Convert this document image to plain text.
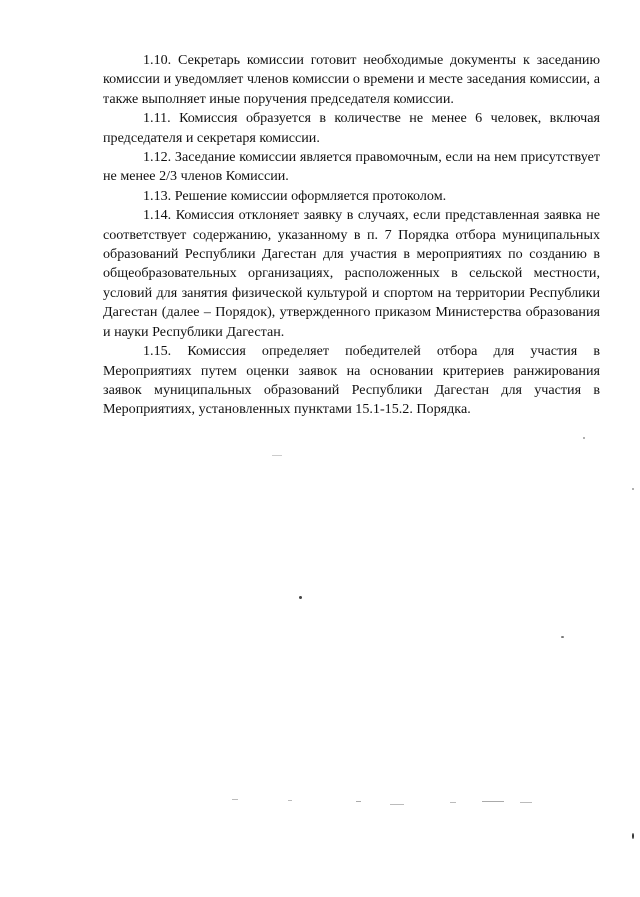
1.10. Секретарь комиссии готовит необходимые документы к заседанию комиссии и уведомляет членов комиссии о времени и месте заседания комиссии, а также выполняет иные поручения председателя комиссии.

1.11. Комиссия образуется в количестве не менее 6 человек, включая председателя и секретаря комиссии.

1.12. Заседание комиссии является правомочным, если на нем присутствует не менее 2/3 членов Комиссии.

1.13. Решение комиссии оформляется протоколом.

1.14. Комиссия отклоняет заявку в случаях, если представленная заявка не соответствует содержанию, указанному в п. 7 Порядка отбора муниципальных образований Республики Дагестан для участия в мероприятиях по созданию в общеобразовательных организациях, расположенных в сельской местности, условий для занятия физической культурой и спортом на территории Республики Дагестан (далее – Порядок), утвержденного приказом Министерства образования и науки Республики Дагестан.

1.15. Комиссия определяет победителей отбора для участия в Мероприятиях путем оценки заявок на основании критериев ранжирования заявок муниципальных образований Республики Дагестан для участия в Мероприятиях, установленных пунктами 15.1-15.2. Порядка.
